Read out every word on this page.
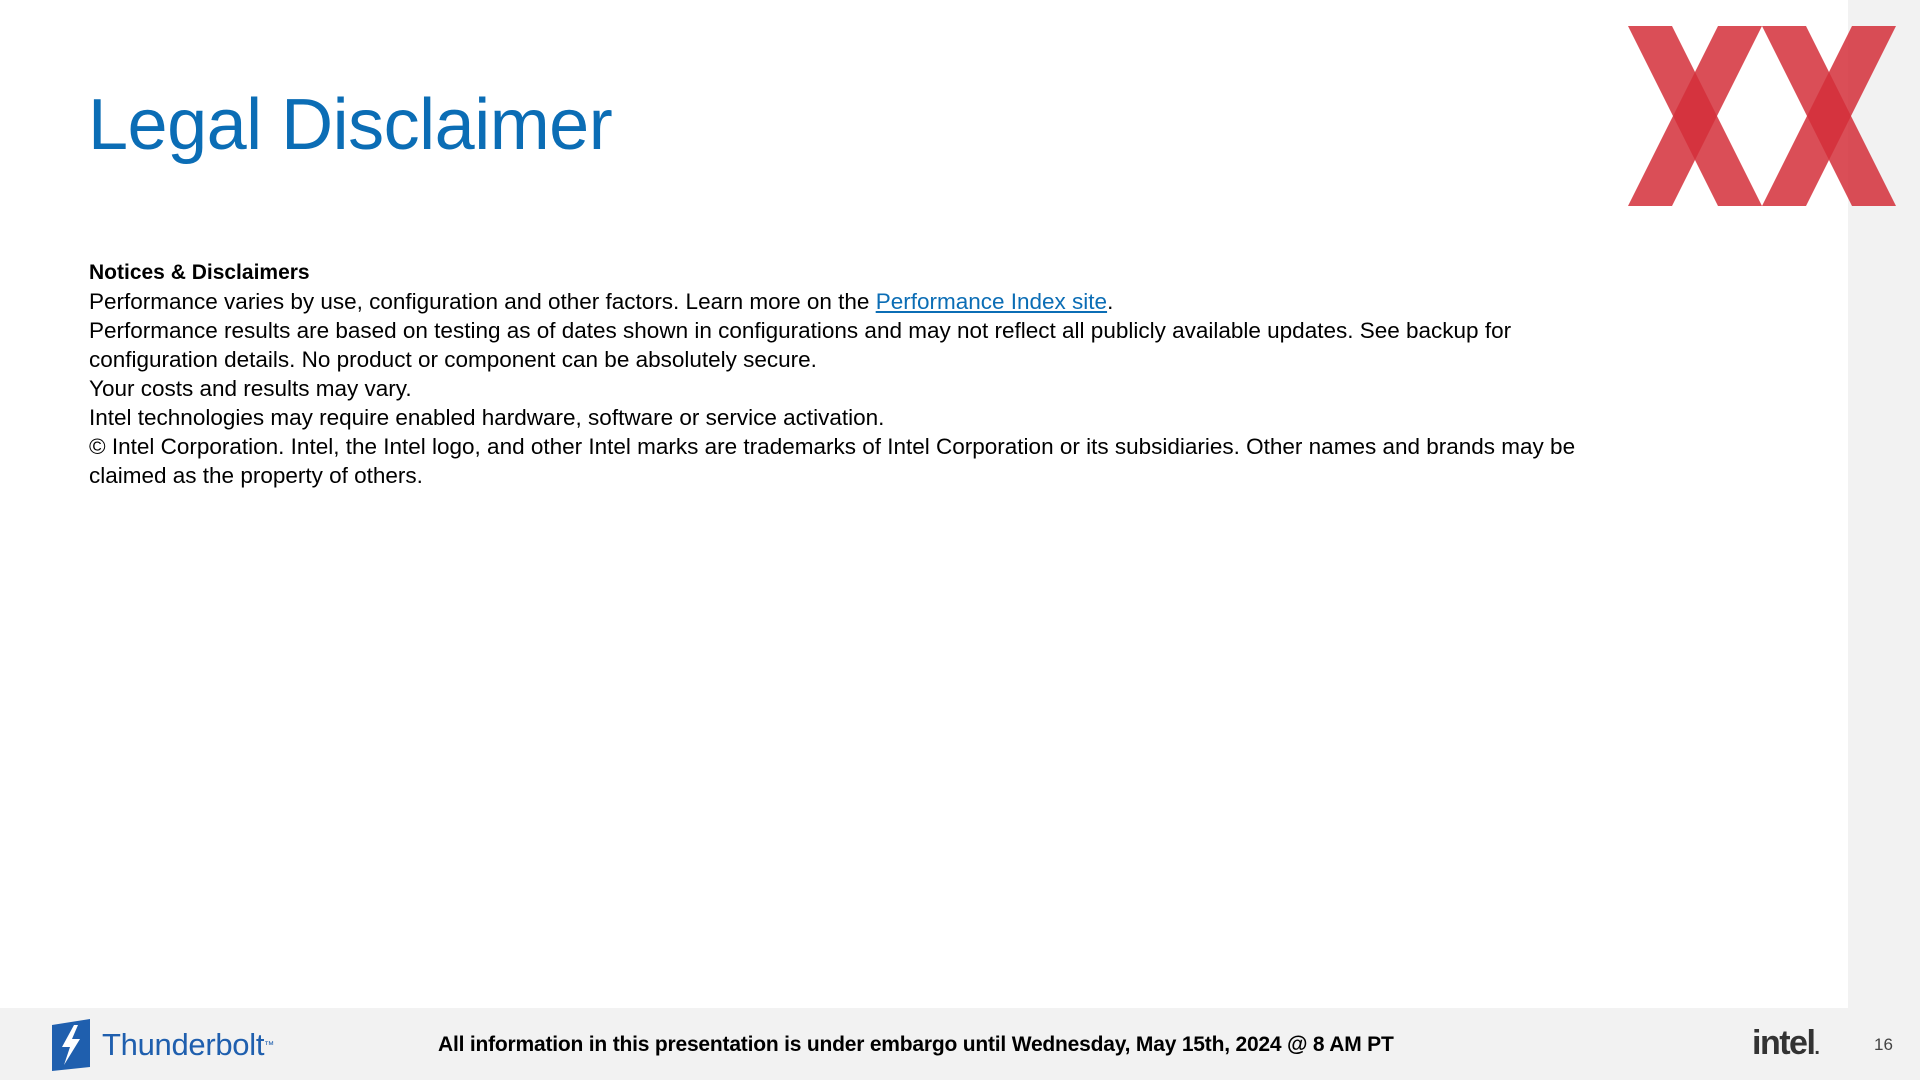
Legal Disclaimer

Notices & Disclaimers

Performance varies by use, configuration and other factors. Learn more on the Performance Index site.

Performance results are based on testing as of dates shown in configurations and may not reflect all publicly available updates. See backup for configuration details. No product or component can be absolutely secure.

Your costs and results may vary.

Intel technologies may require enabled hardware, software or service activation.

© Intel Corporation. Intel, the Intel logo, and other Intel marks are trademarks of Intel Corporation or its subsidiaries. Other names and brands may be claimed as the property of others.

Thunderbolt ™	All information in this presentation is under embargo until Wednesday, May 15th, 2024 @ 8 AM PT	intel.	16
